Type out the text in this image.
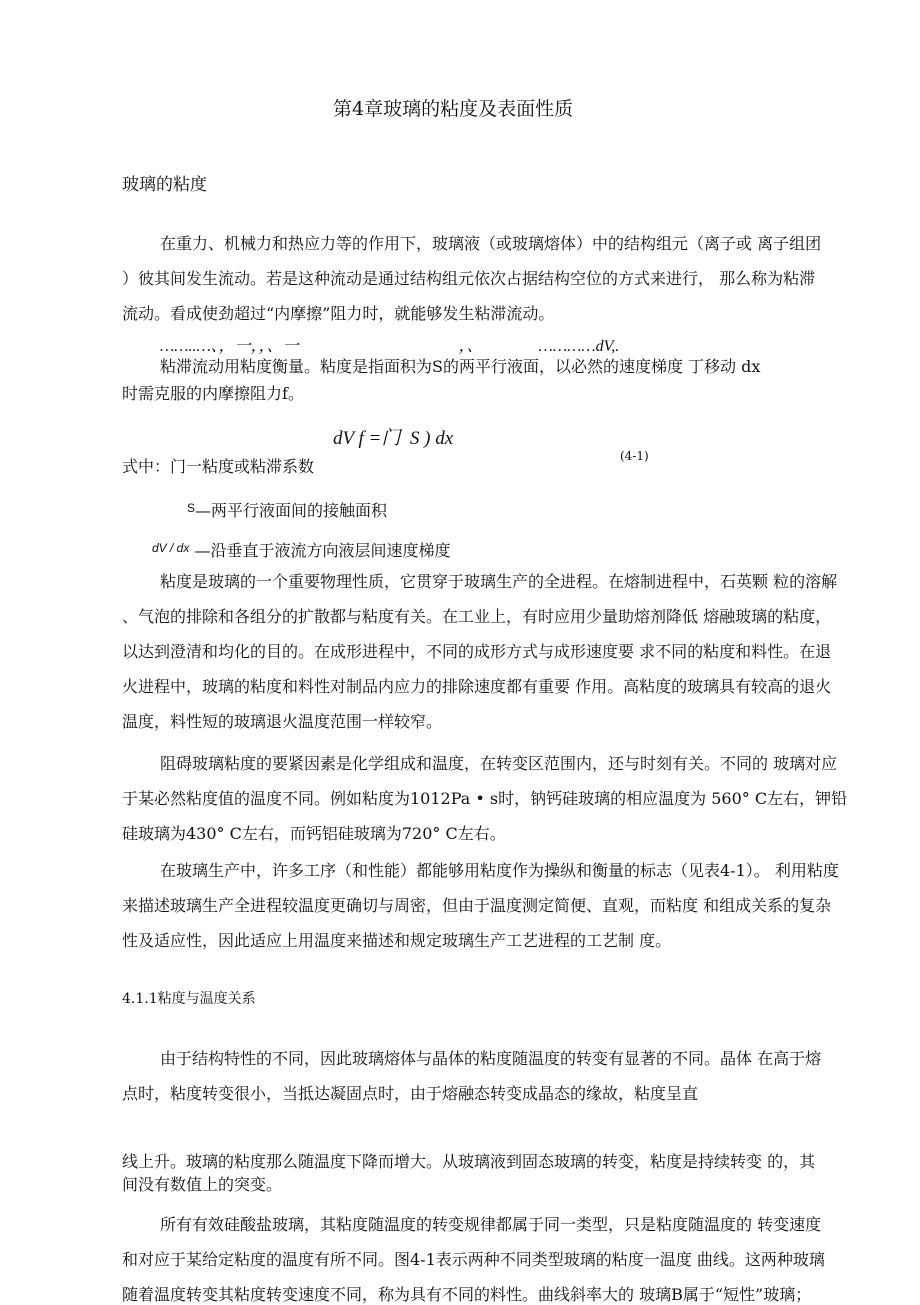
第4章玻璃的粘度及表面性质
玻璃的粘度
在重力、机械力和热应力等的作用下，玻璃液（或玻璃熔体）中的结构组元（离子或 离子组团
）彼其间发生流动。若是这种流动是通过结构组元依次占据结构空位的方式来进行， 那么称为粘滞
流动。看成使劲超过“内摩擦”阻力时，就能够发生粘滞流动。
……..…、，一，，、一                                        ，、              …………dV,.
粘滞流动用粘度衡量。粘度是指面积为S的两平行液面，以必然的速度梯度 丁移动 dx
时需克服的内摩擦阻力f。
dV f =门  S ) dx
(4-1)
式中：门一粘度或粘滞系数
$^S$—两平行液面间的接触面积
$^{dV / dx}$ —沿垂直于液流方向液层间速度梯度
粘度是玻璃的一个重要物理性质，它贯穿于玻璃生产的全进程。在熔制进程中，石英颗 粒的溶解
、气泡的排除和各组分的扩散都与粘度有关。在工业上，有时应用少量助熔剂降低 熔融玻璃的粘度，
以达到澄清和均化的目的。在成形进程中，不同的成形方式与成形速度要 求不同的粘度和料性。在退
火进程中，玻璃的粘度和料性对制品内应力的排除速度都有重要 作用。高粘度的玻璃具有较高的退火
温度，料性短的玻璃退火温度范围一样较窄。
阻碍玻璃粘度的要紧因素是化学组成和温度，在转变区范围内，还与时刻有关。不同的 玻璃对应
于某必然粘度值的温度不同。例如粘度为1012Pa • s时，钠钙硅玻璃的相应温度为 560° C左右，钾铅
硅玻璃为430° C左右，而钙铝硅玻璃为720° C左右。
在玻璃生产中，许多工序（和性能）都能够用粘度作为操纵和衡量的标志（见表4-1）。 利用粘度
来描述玻璃生产全进程较温度更确切与周密，但由于温度测定简便、直观，而粘度 和组成关系的复杂
性及适应性，因此适应上用温度来描述和规定玻璃生产工艺进程的工艺制 度。
4.1.1粘度与温度关系
由于结构特性的不同，因此玻璃熔体与晶体的粘度随温度的转变有显著的不同。晶体 在高于熔
点时，粘度转变很小，当抵达凝固点时，由于熔融态转变成晶态的缘故，粘度呈直
线上升。玻璃的粘度那么随温度下降而增大。从玻璃液到固态玻璃的转变，粘度是持续转变 的，其
间没有数值上的突变。
所有有效硅酸盐玻璃，其粘度随温度的转变规律都属于同一类型，只是粘度随温度的 转变速度
和对应于某给定粘度的温度有所不同。图4-1表示两种不同类型玻璃的粘度一温度 曲线。这两种玻璃
随着温度转变其粘度转变速度不同，称为具有不同的料性。曲线斜率大的 玻璃B属于“短性”玻璃；
